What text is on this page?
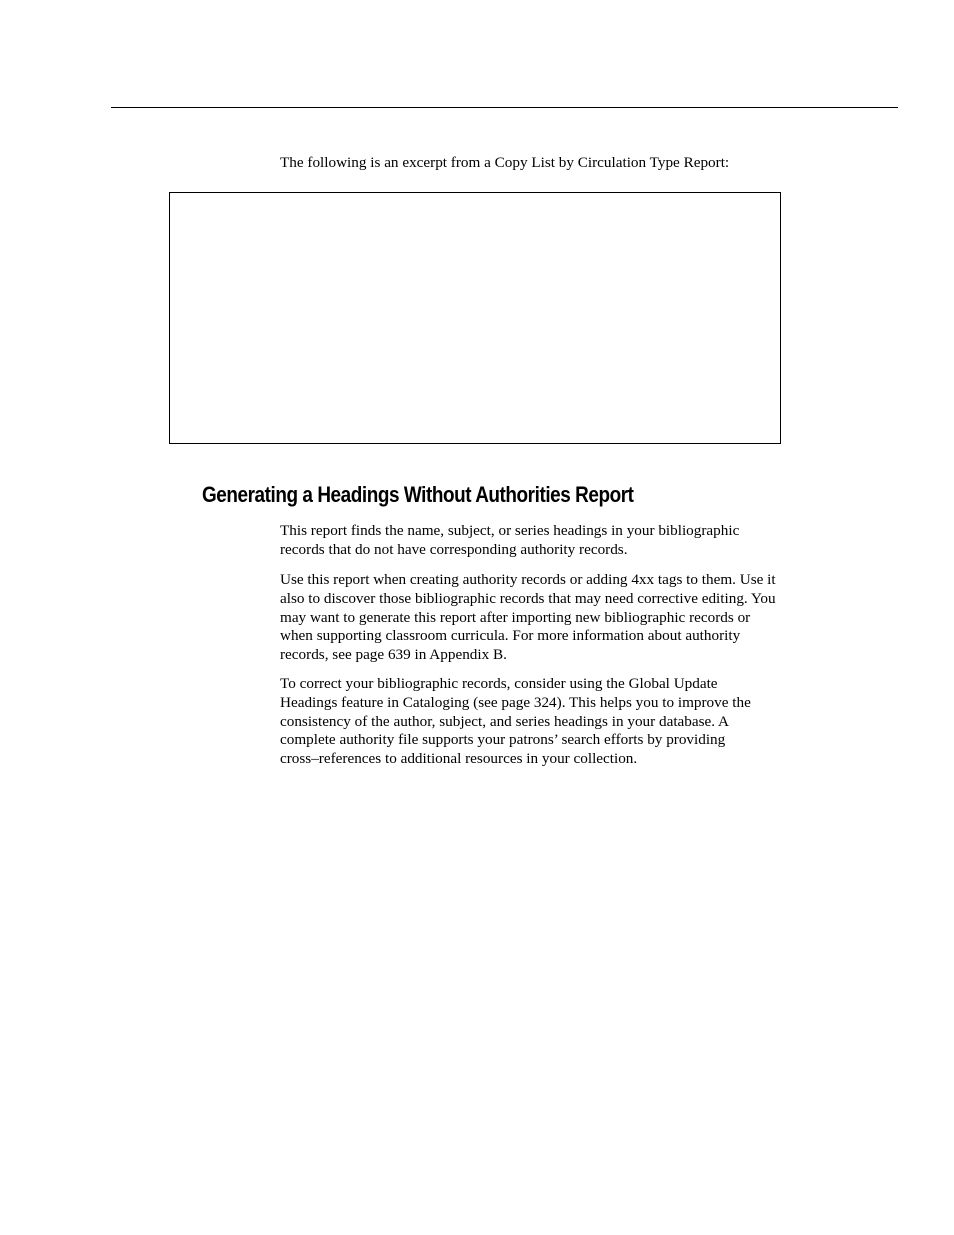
The following is an excerpt from a Copy List by Circulation Type Report:

Generating a Headings Without Authorities Report

This report finds the name, subject, or series headings in your bibliographic
records that do not have corresponding authority records.

Use this report when creating authority records or adding 4xx tags to them. Use it
also to discover those bibliographic records that may need corrective editing. You
may want to generate this report after importing new bibliographic records or
when supporting classroom curricula. For more information about authority
records, see page 639 in Appendix B.

To correct your bibliographic records, consider using the Global Update
Headings feature in Cataloging (see page 324). This helps you to improve the
consistency of the author, subject, and series headings in your database. A
complete authority file supports your patrons’ search efforts by providing
cross–references to additional resources in your collection.
